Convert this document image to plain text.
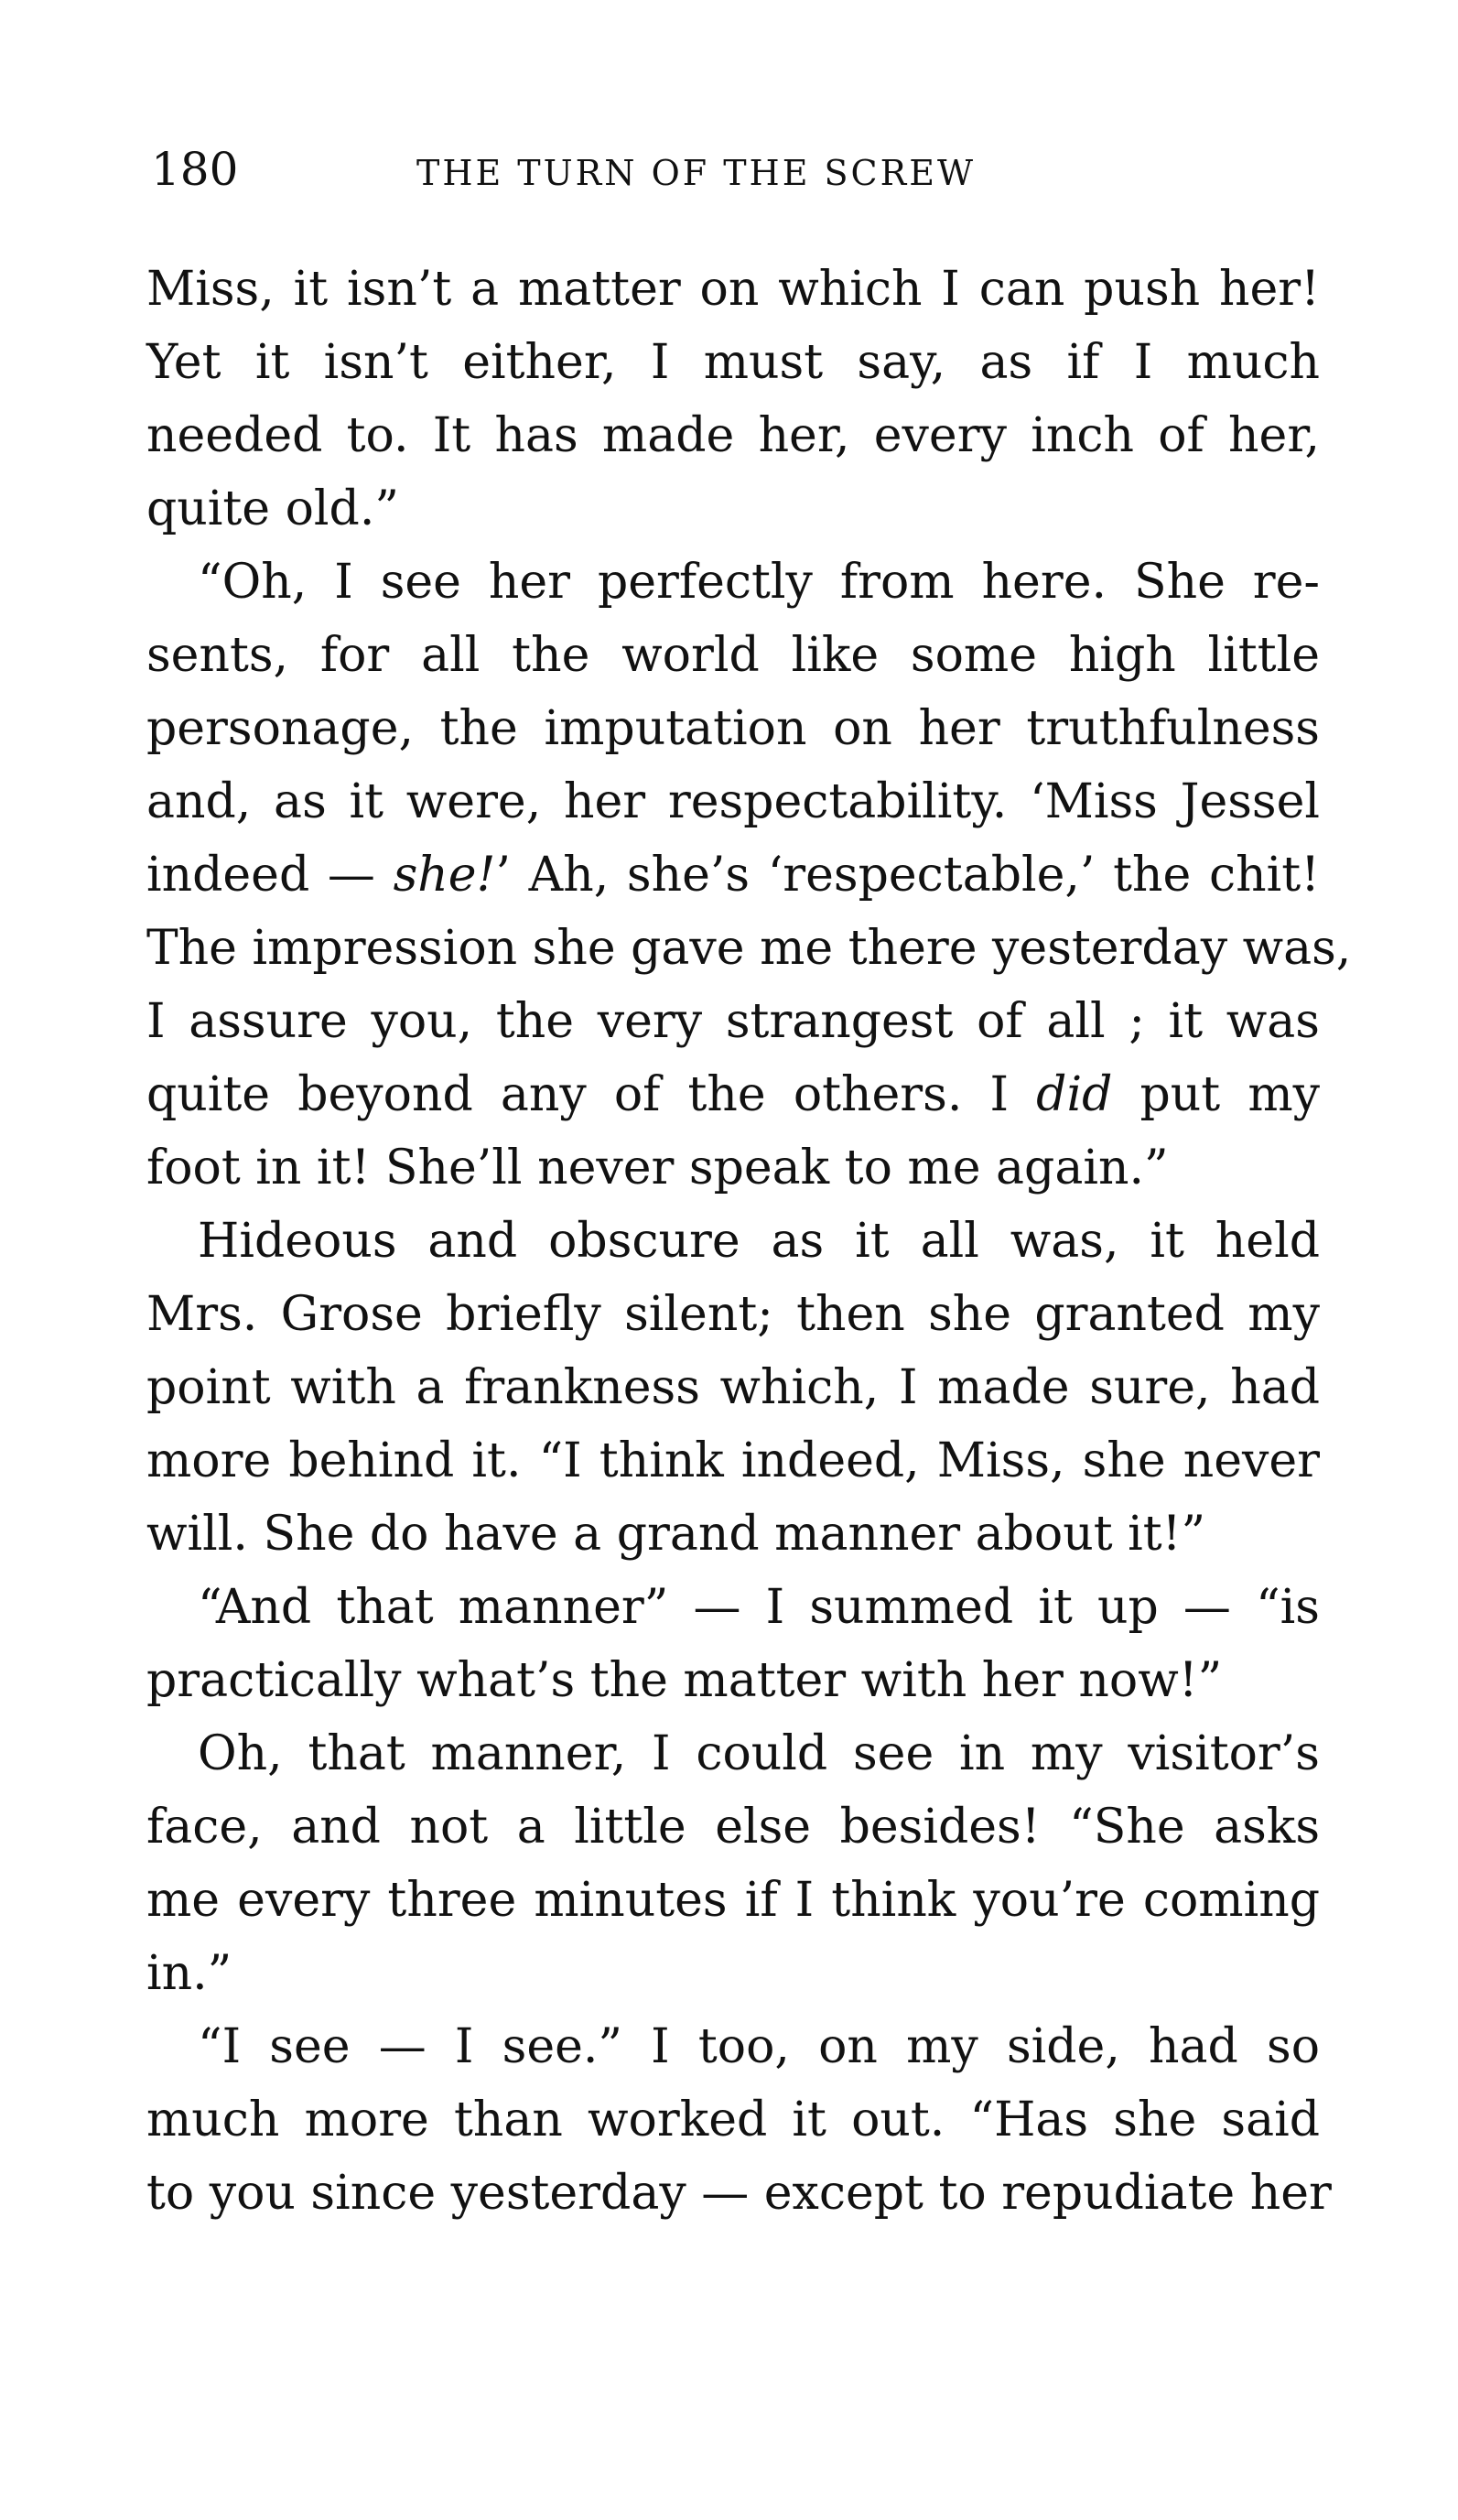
180	THE TURN OF THE SCREW
Miss, it isn’t a matter on which I can push her!
Yet it isn’t either, I must say, as if I much
needed to. It has made her, every inch of her,
quite old.”
“Oh, I see her perfectly from here. She re-
sents, for all the world like some high little
personage, the imputation on her truthfulness
and, as it were, her respectability. ‘Miss Jessel
indeed — she!’ Ah, she’s ‘respectable,’ the chit!
The impression she gave me there yesterday was,
I assure you, the very strangest of all ; it was
quite beyond any of the others. I did put my
foot in it! She’ll never speak to me again.”
Hideous and obscure as it all was, it held
Mrs. Grose briefly silent; then she granted my
point with a frankness which, I made sure, had
more behind it. “I think indeed, Miss, she never
will. She do have a grand manner about it!”
“And that manner” — I summed it up — “is
practically what’s the matter with her now!”
Oh, that manner, I could see in my visitor’s
face, and not a little else besides! “She asks
me every three minutes if I think you’re coming
in.”
“I see — I see.” I too, on my side, had so
much more than worked it out. “Has she said
to you since yesterday — except to repudiate her
